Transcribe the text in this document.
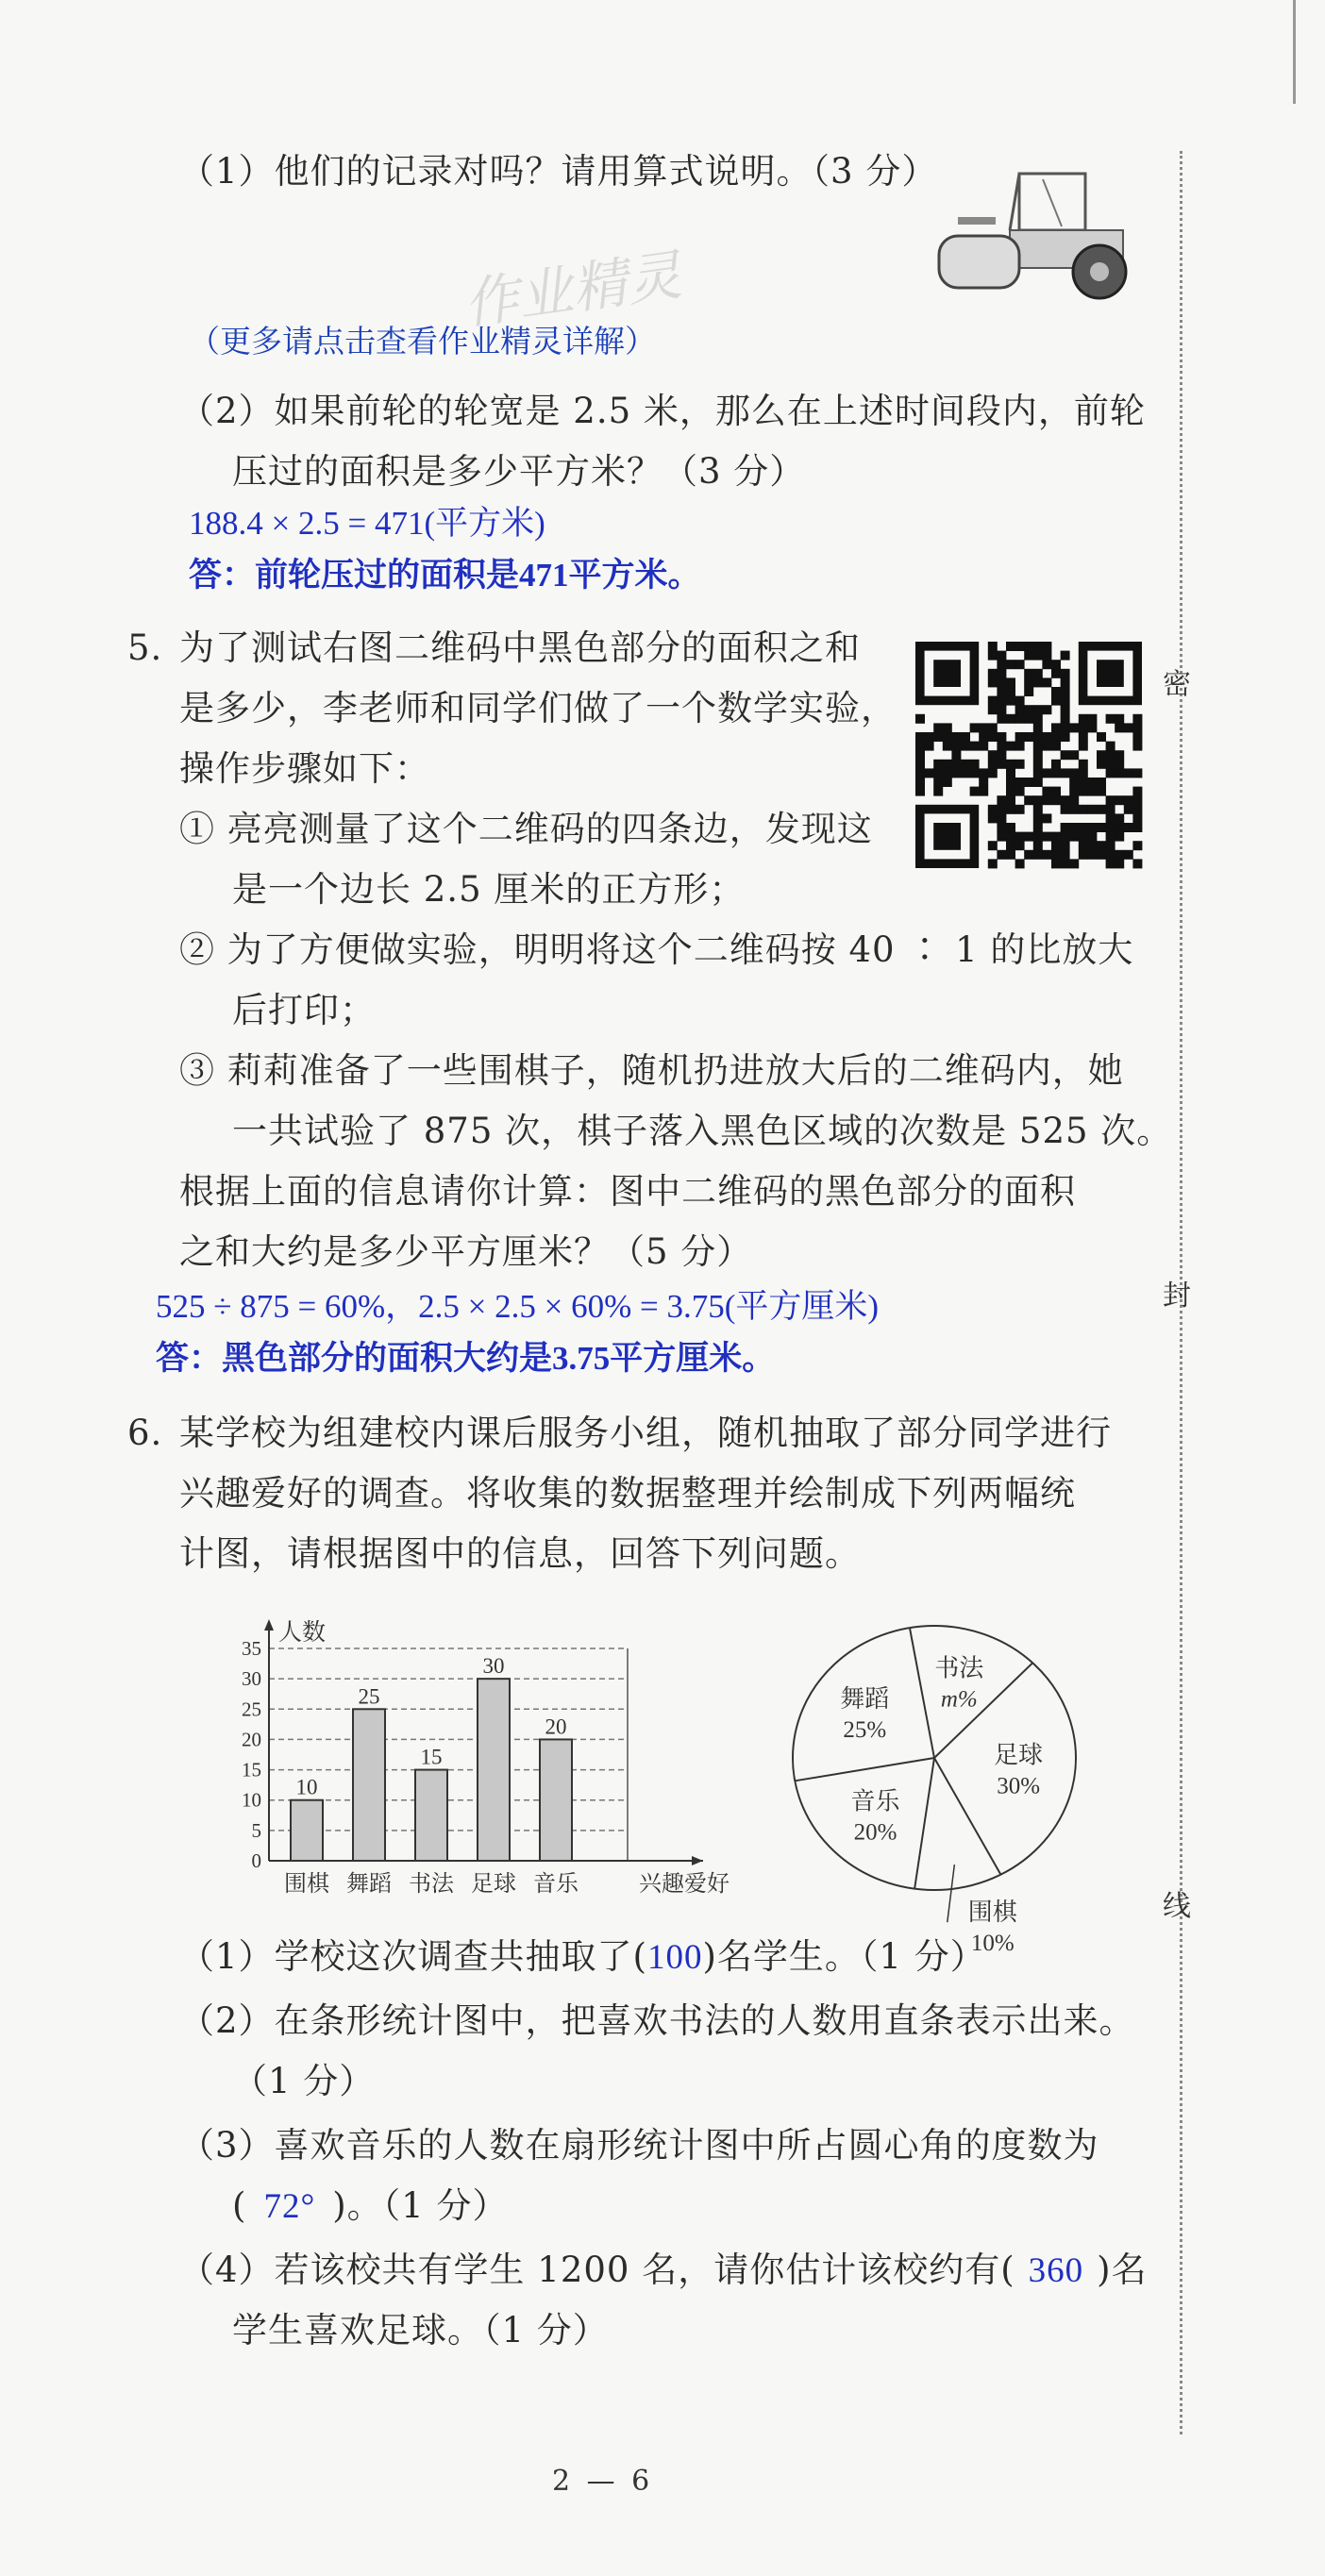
密
封
线
（1）他们的记录对吗？请用算式说明。（3 分）
作业精灵
（更多请点击查看作业精灵详解）
（2）如果前轮的轮宽是 2.5 米，那么在上述时间段内，前轮
压过的面积是多少平方米？（3 分）
188.4 × 2.5 = 471(平方米)
答：前轮压过的面积是471平方米。
5. 为了测试右图二维码中黑色部分的面积之和
是多少，李老师和同学们做了一个数学实验，
操作步骤如下：
① 亮亮测量了这个二维码的四条边，发现这
是一个边长 2.5 厘米的正方形；
② 为了方便做实验，明明将这个二维码按 40 ∶ 1 的比放大
后打印；
③ 莉莉准备了一些围棋子，随机扔进放大后的二维码内，她
一共试验了 875 次，棋子落入黑色区域的次数是 525 次。
根据上面的信息请你计算：图中二维码的黑色部分的面积
之和大约是多少平方厘米？（5 分）
525 ÷ 875 = 60%，2.5 × 2.5 × 60% = 3.75(平方厘米)
答：黑色部分的面积大约是3.75平方厘米。
6. 某学校为组建校内课后服务小组，随机抽取了部分同学进行
兴趣爱好的调查。将收集的数据整理并绘制成下列两幅统
计图，请根据图中的信息，回答下列问题。
0
5
10
15
20
25
30
35
人数
10
围棋
25
舞蹈
15
书法
30
足球
20
音乐	兴趣爱好
书法
m%
足球
30%
围棋
10%
音乐
20%
舞蹈
25%
（1）学校这次调查共抽取了(100)名学生。（1 分）
（2）在条形统计图中，把喜欢书法的人数用直条表示出来。
（1 分）
（3）喜欢音乐的人数在扇形统计图中所占圆心角的度数为
( 72° )。（1 分）
（4）若该校共有学生 1200 名，请你估计该校约有( 360 )名
学生喜欢足球。（1 分）
2 — 6
